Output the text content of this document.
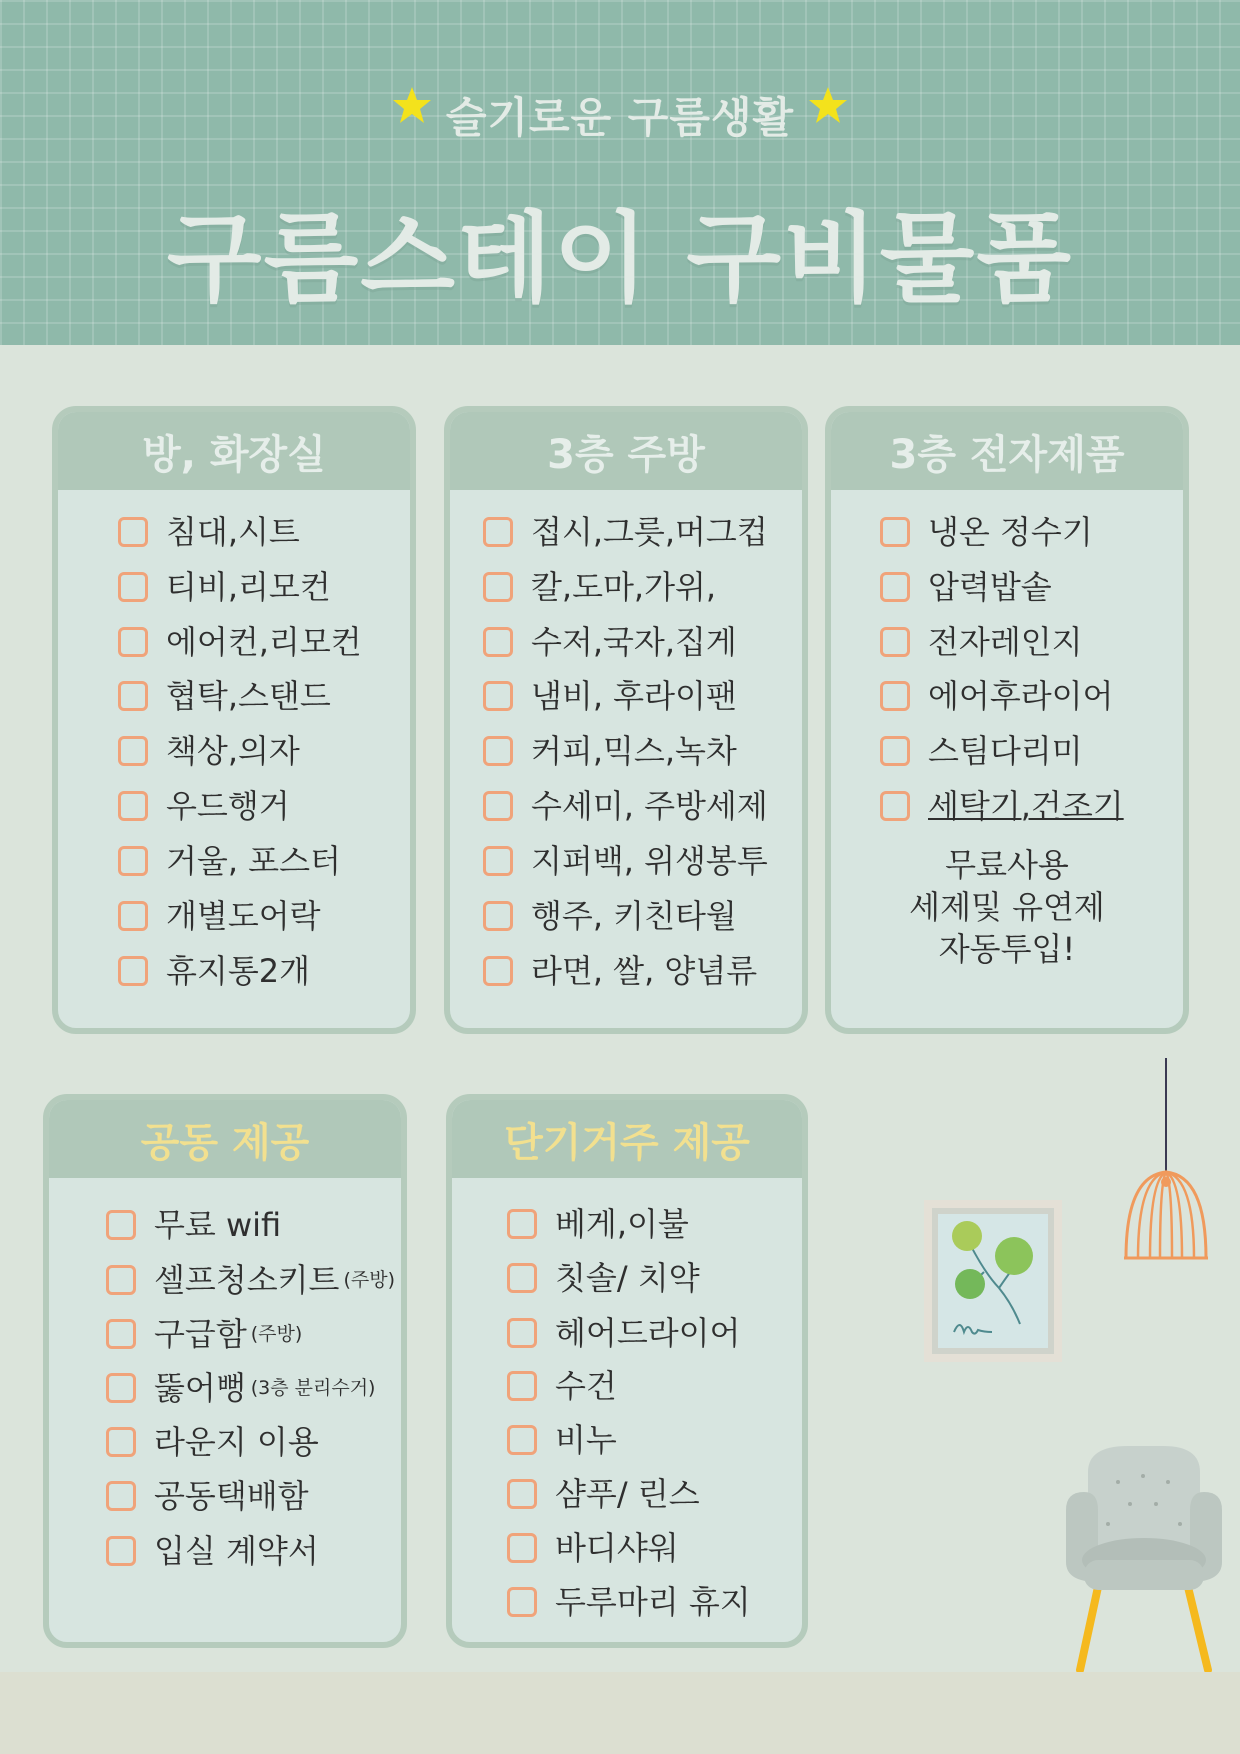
슬기로운 구름생활
구름스테이 구비물품
방, 화장실
침대,시트
티비,리모컨
에어컨,리모컨
협탁,스탠드
책상,의자
우드행거
거울, 포스터
개별도어락
휴지통2개
3층 주방
접시,그릇,머그컵
칼,도마,가위,
수저,국자,집게
냄비, 후라이팬
커피,믹스,녹차
수세미, 주방세제
지퍼백, 위생봉투
행주, 키친타월
라면, 쌀, 양념류
3층 전자제품
냉온 정수기
압력밥솥
전자레인지
에어후라이어
스팀다리미
세탁기,건조기
무료사용
세제및 유연제
자동투입!
공동 제공
무료 wifi
셀프청소키트 (주방)
구급함 (주방)
뚫어뻥 (3층 분리수거)
라운지 이용
공동택배함
입실 계약서
단기거주 제공
베게,이불
칫솔/ 치약
헤어드라이어
수건
비누
샴푸/ 린스
바디샤워
두루마리 휴지
